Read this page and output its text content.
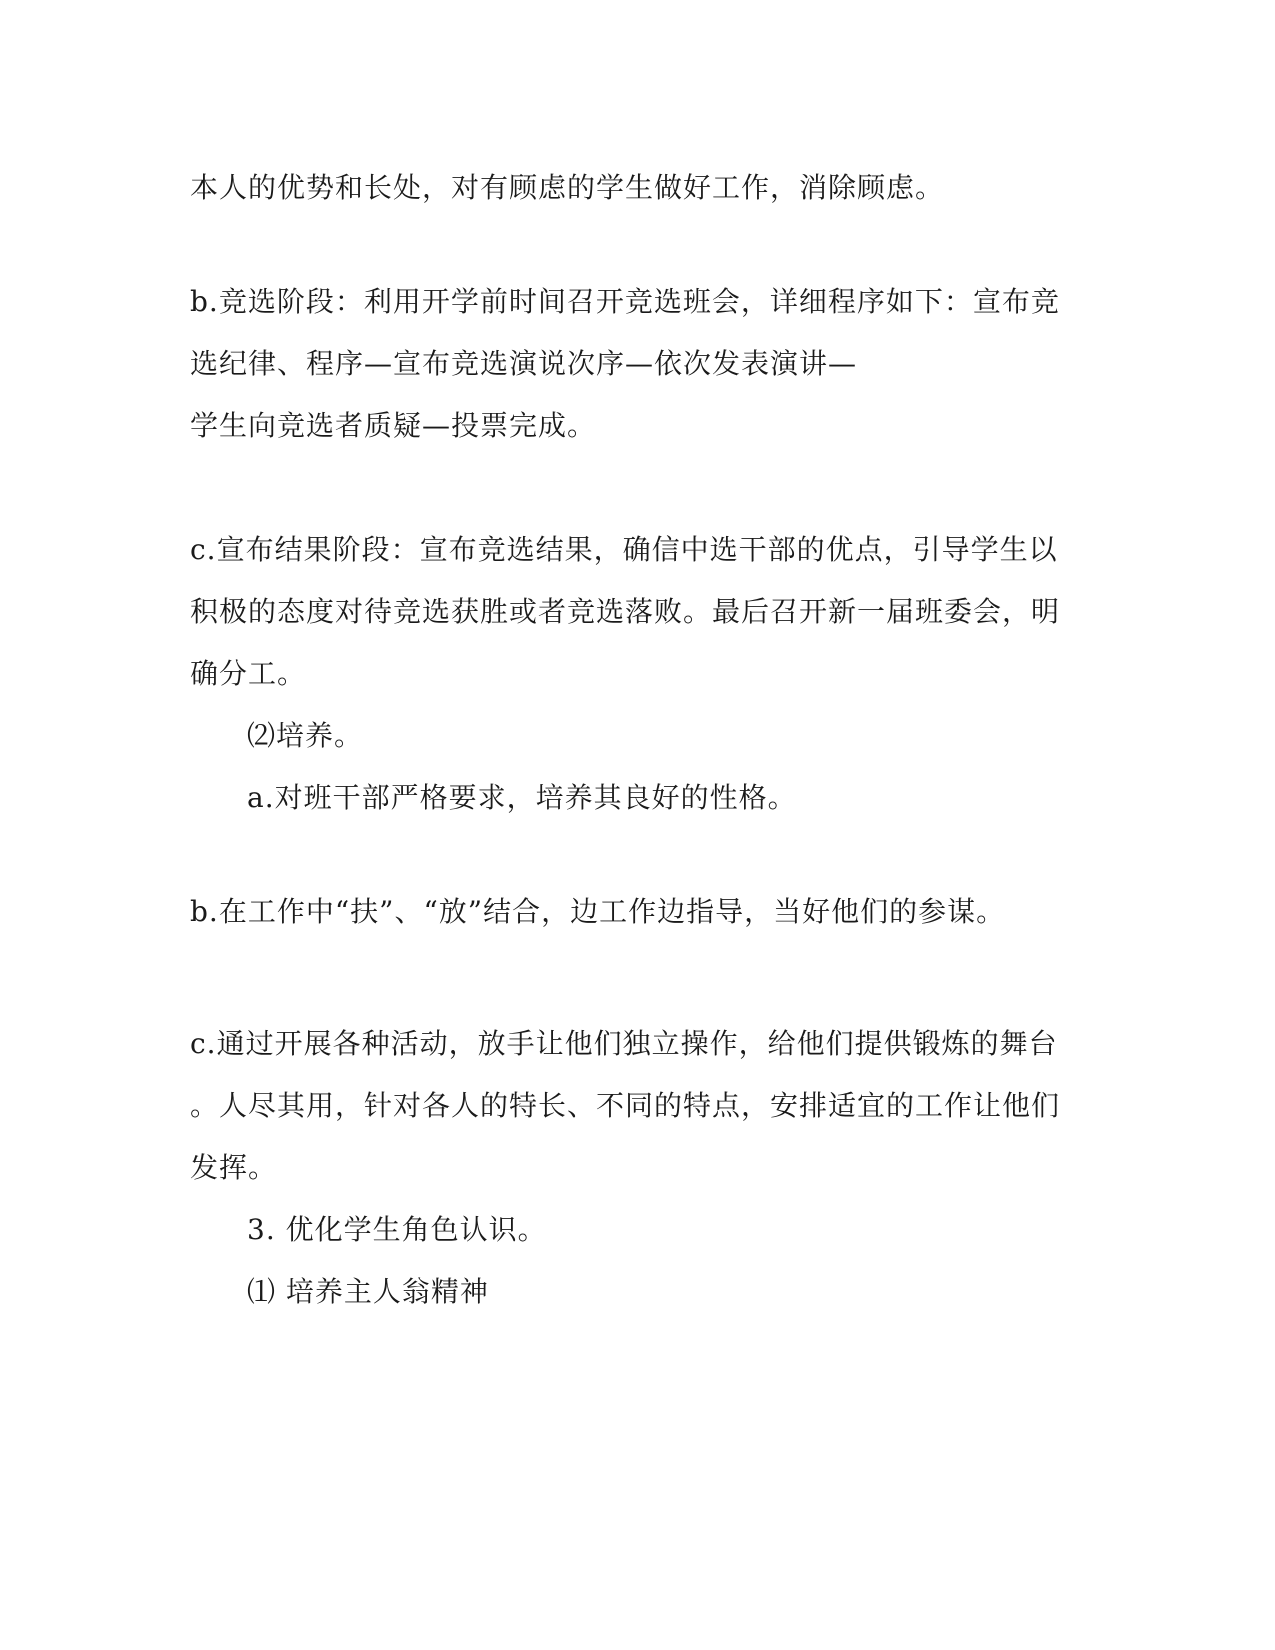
本人的优势和长处，对有顾虑的学生做好工作，消除顾虑。
b.竞选阶段：利用开学前时间召开竞选班会，详细程序如下：宣布竞
选纪律、程序—宣布竞选演说次序—依次发表演讲—
学生向竞选者质疑—投票完成。
c.宣布结果阶段：宣布竞选结果，确信中选干部的优点，引导学生以
积极的态度对待竞选获胜或者竞选落败。最后召开新一届班委会，明
确分工。
⑵培养。
a.对班干部严格要求，培养其良好的性格。
b.在工作中“扶”、“放”结合，边工作边指导，当好他们的参谋。
c.通过开展各种活动，放手让他们独立操作，给他们提供锻炼的舞台
。人尽其用，针对各人的特长、不同的特点，安排适宜的工作让他们
发挥。
3. 优化学生角色认识。
⑴ 培养主人翁精神
